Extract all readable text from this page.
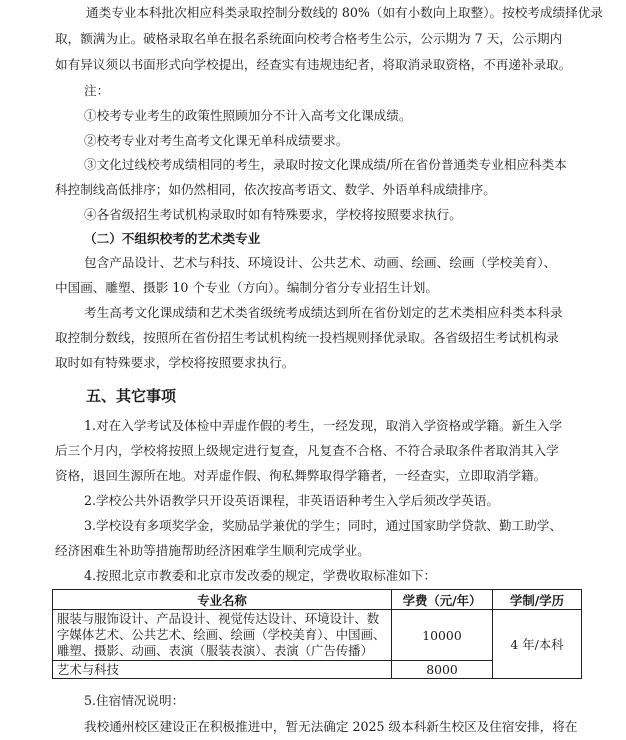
通类专业本科批次相应科类录取控制分数线的 80%（如有小数向上取整）。按校考成绩择优录
取，额满为止。破格录取名单在报名系统面向校考合格考生公示，公示期为 7 天，公示期内
如有异议须以书面形式向学校提出，经查实有违规违纪者，将取消录取资格，不再递补录取。
注：
①校考专业考生的政策性照顾加分不计入高考文化课成绩。
②校考专业对考生高考文化课无单科成绩要求。
③文化过线校考成绩相同的考生，录取时按文化课成绩/所在省份普通类专业相应科类本
科控制线高低排序；如仍然相同，依次按高考语文、数学、外语单科成绩排序。
④各省级招生考试机构录取时如有特殊要求，学校将按照要求执行。
（二）不组织校考的艺术类专业
包含产品设计、艺术与科技、环境设计、公共艺术、动画、绘画、绘画（学校美育）、
中国画、雕塑、摄影 10 个专业（方向）。编制分省分专业招生计划。
考生高考文化课成绩和艺术类省级统考成绩达到所在省份划定的艺术类相应科类本科录
取控制分数线，按照所在省份招生考试机构统一投档规则择优录取。各省级招生考试机构录
取时如有特殊要求，学校将按照要求执行。
五、其它事项
1.对在入学考试及体检中弄虚作假的考生，一经发现，取消入学资格或学籍。新生入学
后三个月内，学校将按照上级规定进行复查，凡复查不合格、不符合录取条件者取消其入学
资格，退回生源所在地。对弄虚作假、徇私舞弊取得学籍者，一经查实，立即取消学籍。
2.学校公共外语教学只开设英语课程，非英语语种考生入学后须改学英语。
3.学校设有多项奖学金，奖励品学兼优的学生；同时，通过国家助学贷款、勤工助学、
经济困难生补助等措施帮助经济困难学生顺利完成学业。
4.按照北京市教委和北京市发改委的规定，学费收取标准如下：
专业名称	学费（元/年）	学制/学历

服装与服饰设计、产品设计、视觉传达设计、环境设计、数
字媒体艺术、公共艺术、绘画、绘画（学校美育）、中国画、
雕塑、摄影、动画、表演（服装表演）、表演（广告传播）	10000	4 年/本科
艺术与科技	8000	
5.住宿情况说明：
我校通州校区建设正在积极推进中，暂无法确定 2025 级本科新生校区及住宿安排，将在
